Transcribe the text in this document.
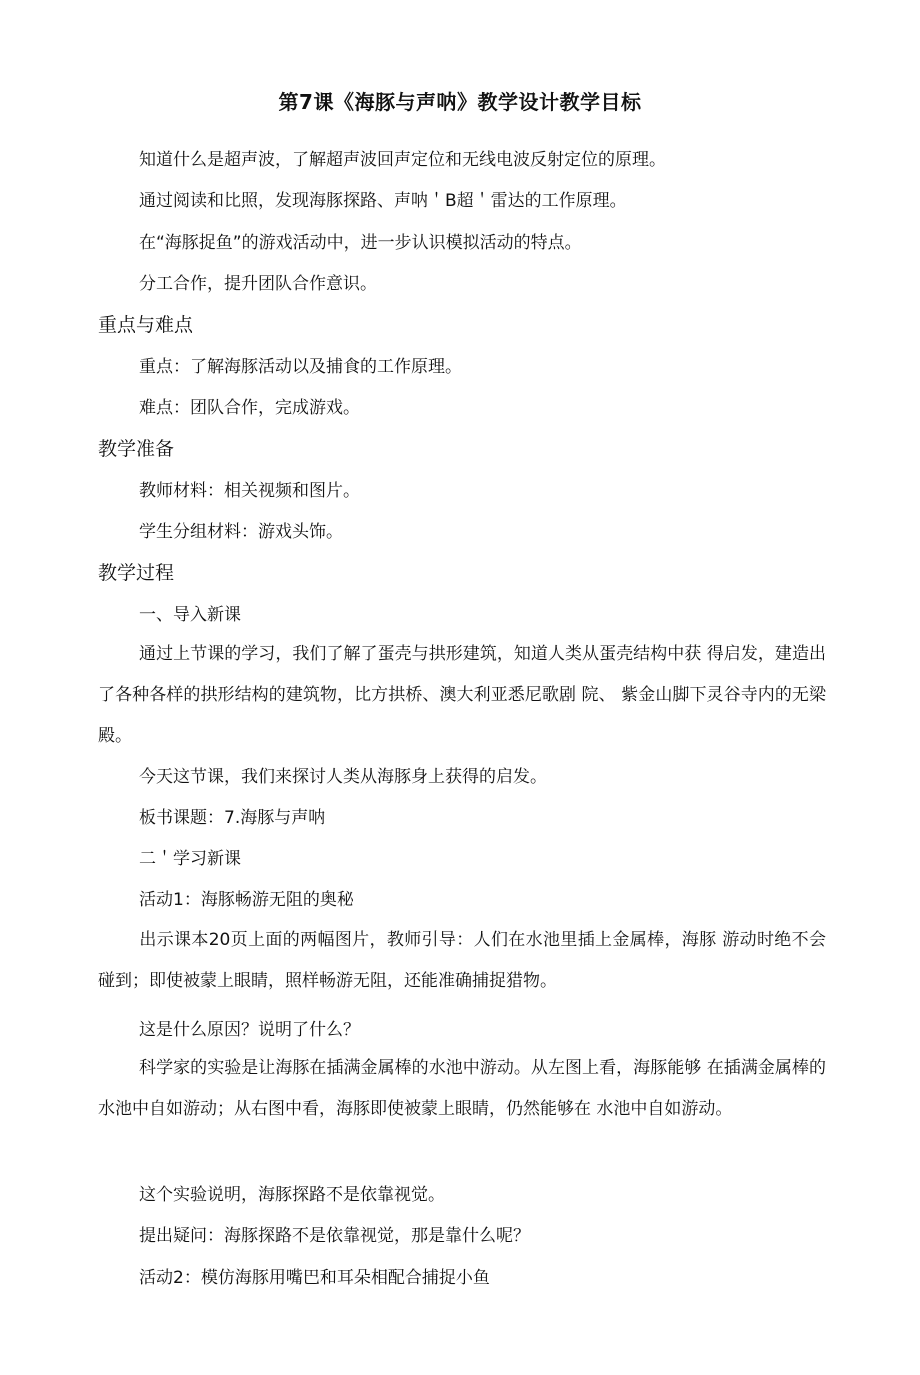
第7课《海豚与声呐》教学设计教学目标
知道什么是超声波，了解超声波回声定位和无线电波反射定位的原理。
通过阅读和比照，发现海豚探路、声呐＇B超＇雷达的工作原理。
在“海豚捉鱼”的游戏活动中，进一步认识模拟活动的特点。
分工合作，提升团队合作意识。
重点与难点
重点：了解海豚活动以及捕食的工作原理。
难点：团队合作，完成游戏。
教学准备
教师材料：相关视频和图片。
学生分组材料：游戏头饰。
教学过程
一、导入新课
通过上节课的学习，我们了解了蛋壳与拱形建筑，知道人类从蛋壳结构中获 得启发，建造出了各种各样的拱形结构的建筑物，比方拱桥、澳大利亚悉尼歌剧 院、 紫金山脚下灵谷寺内的无梁殿。
今天这节课，我们来探讨人类从海豚身上获得的启发。
板书课题：7.海豚与声呐
二＇学习新课
活动1：海豚畅游无阻的奥秘
出示课本20页上面的两幅图片，教师引导：人们在水池里插上金属棒，海豚 游动时绝不会碰到；即使被蒙上眼睛，照样畅游无阻，还能准确捕捉猎物。
这是什么原因？说明了什么？
科学家的实验是让海豚在插满金属棒的水池中游动。从左图上看，海豚能够 在插满金属棒的水池中自如游动；从右图中看，海豚即使被蒙上眼睛，仍然能够在 水池中自如游动。
这个实验说明，海豚探路不是依靠视觉。
提出疑问：海豚探路不是依靠视觉，那是靠什么呢？
活动2：模仿海豚用嘴巴和耳朵相配合捕捉小鱼
